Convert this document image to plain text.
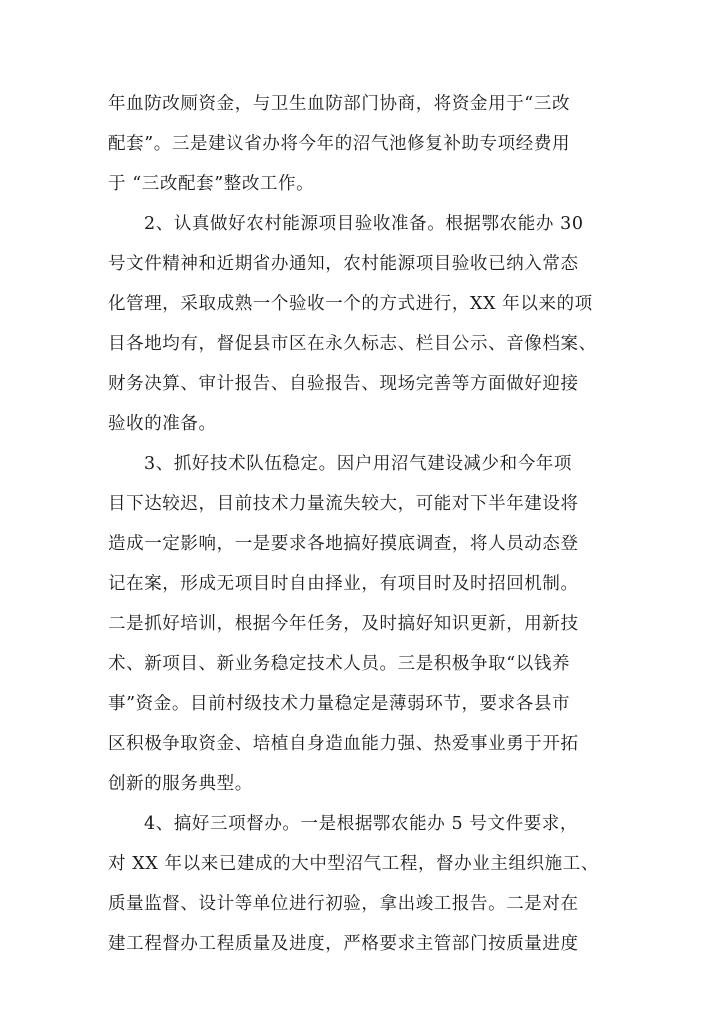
年血防改厕资金，与卫生血防部门协商，将资金用于“三改
配套”。三是建议省办将今年的沼气池修复补助专项经费用
于 “三改配套”整改工作。
2、认真做好农村能源项目验收准备。根据鄂农能办 30
号文件精神和近期省办通知，农村能源项目验收已纳入常态
化管理，采取成熟一个验收一个的方式进行，XX 年以来的项
目各地均有，督促县市区在永久标志、栏目公示、音像档案、
财务决算、审计报告、自验报告、现场完善等方面做好迎接
验收的准备。
3、抓好技术队伍稳定。因户用沼气建设减少和今年项
目下达较迟，目前技术力量流失较大，可能对下半年建设将
造成一定影响，一是要求各地搞好摸底调查，将人员动态登
记在案，形成无项目时自由择业，有项目时及时招回机制。
二是抓好培训，根据今年任务，及时搞好知识更新，用新技
术、新项目、新业务稳定技术人员。三是积极争取“以钱养
事”资金。目前村级技术力量稳定是薄弱环节，要求各县市
区积极争取资金、培植自身造血能力强、热爱事业勇于开拓
创新的服务典型。
4、搞好三项督办。一是根据鄂农能办 5 号文件要求，
对 XX 年以来已建成的大中型沼气工程，督办业主组织施工、
质量监督、设计等单位进行初验，拿出竣工报告。二是对在
建工程督办工程质量及进度，严格要求主管部门按质量进度
